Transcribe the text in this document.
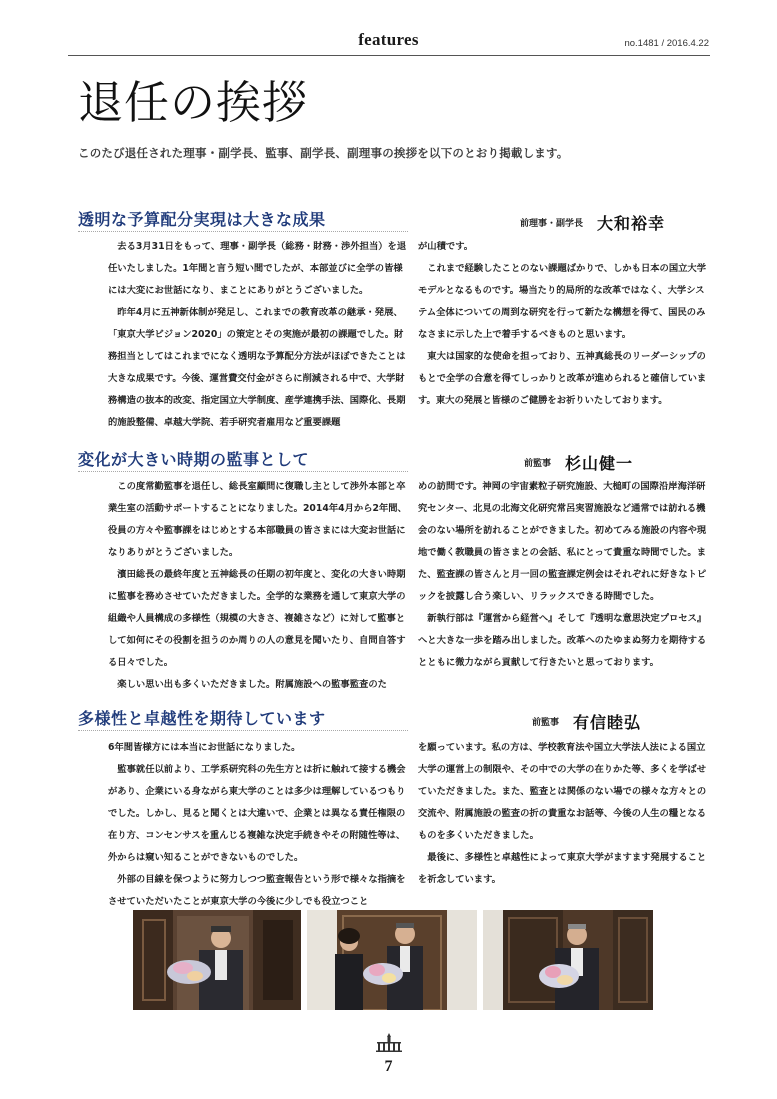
features	no.1481 / 2016.4.22
退任の挨拶
このたび退任された理事・副学長、監事、副学長、副理事の挨拶を以下のとおり掲載します。
透明な予算配分実現は大きな成果	前理事・副学長 大和裕幸

去る3月31日をもって、理事・副学長（総務・財務・渉外担当）を退任いたしました。1年間と言う短い間でしたが、本部並びに全学の皆様には大変にお世話になり、まことにありがとうございました。

昨年4月に五神新体制が発足し、これまでの教育改革の継承・発展、「東京大学ビジョン2020」の策定とその実施が最初の課題でした。財務担当としてはこれまでになく透明な予算配分方法がほぼできたことは大きな成果です。今後、運営費交付金がさらに削減される中で、大学財務構造の抜本的改変、指定国立大学制度、産学連携手法、国際化、長期的施設整備、卓越大学院、若手研究者雇用など重要課題

が山積です。

これまで経験したことのない課題ばかりで、しかも日本の国立大学モデルとなるものです。場当たり的局所的な改革ではなく、大学システム全体についての周到な研究を行って新たな構想を得て、国民のみなさまに示した上で着手するべきものと思います。

東大は国家的な使命を担っており、五神真総長のリーダーシップのもとで全学の合意を得てしっかりと改革が進められると確信しています。東大の発展と皆様のご健勝をお祈りいたしております。

変化が大きい時期の監事として	前監事 杉山健一

この度常勤監事を退任し、総長室顧問に復職し主として渉外本部と卒業生室の活動サポートすることになりました。2014年4月から2年間、役員の方々や監事課をはじめとする本部職員の皆さまには大変お世話になりありがとうございました。

濱田総長の最終年度と五神総長の任期の初年度と、変化の大きい時期に監事を務めさせていただきました。全学的な業務を通して東京大学の組織や人員構成の多様性（規模の大きさ、複雑さなど）に対して監事として如何にその役割を担うのか周りの人の意見を聞いたり、自問自答する日々でした。

楽しい思い出も多くいただきました。附属施設への監事監査のた

めの訪問です。神岡の宇宙素粒子研究施設、大槌町の国際沿岸海洋研究センター、北見の北海文化研究常呂実習施設など通常では訪れる機会のない場所を訪れることができました。初めてみる施設の内容や現地で働く教職員の皆さまとの会話、私にとって貴重な時間でした。また、監査課の皆さんと月一回の監査課定例会はそれぞれに好きなトピックを披露し合う楽しい、リラックスできる時間でした。

新執行部は『運営から経営へ』そして『透明な意思決定プロセス』へと大きな一歩を踏み出しました。改革へのたゆまぬ努力を期待するとともに微力ながら貢献して行きたいと思っております。

多様性と卓越性を期待しています	前監事 有信睦弘

6年間皆様方には本当にお世話になりました。

監事就任以前より、工学系研究科の先生方とは折に触れて接する機会があり、企業にいる身ながら東大学のことは多少は理解しているつもりでした。しかし、見ると聞くとは大違いで、企業とは異なる責任権限の在り方、コンセンサスを重んじる複雑な決定手続きやその附随性等は、外からは窺い知ることができないものでした。

外部の目線を保つように努力しつつ監査報告という形で様々な指摘をさせていただいたことが東京大学の今後に少しでも役立つこと

を願っています。私の方は、学校教育法や国立大学法人法による国立大学の運営上の制限や、その中での大学の在りかた等、多くを学ばせていただきました。また、監査とは関係のない場での様々な方々との交流や、附属施設の監査の折の貴重なお話等、今後の人生の糧となるものを多くいただきました。

最後に、多様性と卓越性によって東京大学がますます発展することを祈念しています。

7
